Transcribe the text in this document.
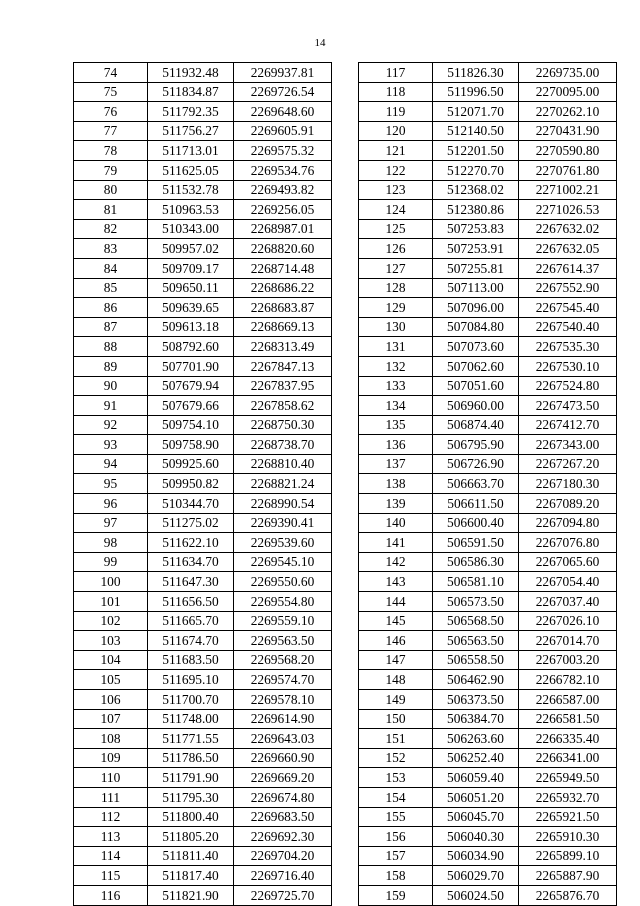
14
74	511932.48	2269937.81
75	511834.87	2269726.54
76	511792.35	2269648.60
77	511756.27	2269605.91
78	511713.01	2269575.32
79	511625.05	2269534.76
80	511532.78	2269493.82
81	510963.53	2269256.05
82	510343.00	2268987.01
83	509957.02	2268820.60
84	509709.17	2268714.48
85	509650.11	2268686.22
86	509639.65	2268683.87
87	509613.18	2268669.13
88	508792.60	2268313.49
89	507701.90	2267847.13
90	507679.94	2267837.95
91	507679.66	2267858.62
92	509754.10	2268750.30
93	509758.90	2268738.70
94	509925.60	2268810.40
95	509950.82	2268821.24
96	510344.70	2268990.54
97	511275.02	2269390.41
98	511622.10	2269539.60
99	511634.70	2269545.10
100	511647.30	2269550.60
101	511656.50	2269554.80
102	511665.70	2269559.10
103	511674.70	2269563.50
104	511683.50	2269568.20
105	511695.10	2269574.70
106	511700.70	2269578.10
107	511748.00	2269614.90
108	511771.55	2269643.03
109	511786.50	2269660.90
110	511791.90	2269669.20
111	511795.30	2269674.80
112	511800.40	2269683.50
113	511805.20	2269692.30
114	511811.40	2269704.20
115	511817.40	2269716.40
116	511821.90	2269725.70
117	511826.30	2269735.00
118	511996.50	2270095.00
119	512071.70	2270262.10
120	512140.50	2270431.90
121	512201.50	2270590.80
122	512270.70	2270761.80
123	512368.02	2271002.21
124	512380.86	2271026.53
125	507253.83	2267632.02
126	507253.91	2267632.05
127	507255.81	2267614.37
128	507113.00	2267552.90
129	507096.00	2267545.40
130	507084.80	2267540.40
131	507073.60	2267535.30
132	507062.60	2267530.10
133	507051.60	2267524.80
134	506960.00	2267473.50
135	506874.40	2267412.70
136	506795.90	2267343.00
137	506726.90	2267267.20
138	506663.70	2267180.30
139	506611.50	2267089.20
140	506600.40	2267094.80
141	506591.50	2267076.80
142	506586.30	2267065.60
143	506581.10	2267054.40
144	506573.50	2267037.40
145	506568.50	2267026.10
146	506563.50	2267014.70
147	506558.50	2267003.20
148	506462.90	2266782.10
149	506373.50	2266587.00
150	506384.70	2266581.50
151	506263.60	2266335.40
152	506252.40	2266341.00
153	506059.40	2265949.50
154	506051.20	2265932.70
155	506045.70	2265921.50
156	506040.30	2265910.30
157	506034.90	2265899.10
158	506029.70	2265887.90
159	506024.50	2265876.70
